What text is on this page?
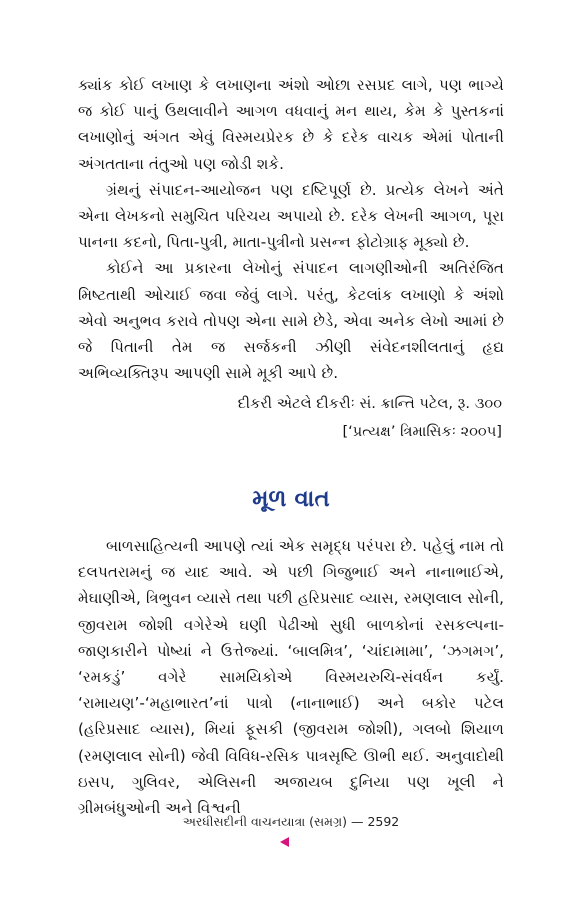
ક્યાંક કોઈ લખાણ કે લખાણના અંશો ઓછા રસપ્રદ લાગે, પણ ભાગ્યે જ કોઈ પાનું ઉથલાવીને આગળ વધવાનું મન થાય, કેમ કે પુસ્તકનાં લખાણોનું અંગત એવું વિસ્મયપ્રેરક છે કે દરેક વાચક એમાં પોતાની અંગતતાના તંતુઓ પણ જોડી શકે.

ગ્રંથનું સંપાદન-આયોજન પણ દષ્ટિપૂર્ણ છે. પ્રત્યેક લેખને અંતે એના લેખકનો સમુચિત પરિચય અપાયો છે. દરેક લેખની આગળ, પૂરા પાનના કદનો, પિતા-પુત્રી, માતા-પુત્રીનો પ્રસન્ન ફોટોગ્રાફ મૂક્યો છે.

કોઈને આ પ્રકારના લેખોનું સંપાદન લાગણીઓની અતિરંજિત મિષ્ટતાથી ઓચાઈ જવા જેવું લાગે. પરંતુ, કેટલાંક લખાણો કે અંશો એવો અનુભવ કરાવે તોપણ એના સામે છેડે, એવા અનેક લેખો આમાં છે જે પિતાની તેમ જ સર્જકની ઝીણી સંવેદનશીલતાનું હૃદ્ય અભિવ્યક્તિરૂપ આપણી સામે મૂકી આપે છે.

દીકરી એટલે દીકરીઃ સં. ક્રાન્તિ પટેલ, રૂ. ૩૦૦
[‘પ્રત્યક્ષ’ ત્રિમાસિકઃ ૨૦૦૫]
મૂળ વાત

બાળસાહિત્યની આપણે ત્યાં એક સમૃદ્ધ પરંપરા છે. પહેલું નામ તો દલપતરામનું જ યાદ આવે. એ પછી ગિજુભાઈ અને નાનાભાઈએ, મેઘાણીએ, ત્રિભુવન વ્યાસે તથા પછી હરિપ્રસાદ વ્યાસ, રમણલાલ સોની, જીવરામ જોશી વગેરેએ ઘણી પેઢીઓ સુધી બાળકોનાં રસકલ્પના-જાણકારીને પોષ્યાં ને ઉત્તેજ્યાં. ‘બાલમિત્ર’, ‘ચાંદામામા’, ‘ઝગમગ’, ‘રમકડું’ વગેરે સામયિકોએ વિસ્મયરુચિ-સંવર્ધન કર્યું. ‘રામાયણ’-‘મહાભારત’નાં પાત્રો (નાનાભાઈ) અને બકોર પટેલ (હરિપ્રસાદ વ્યાસ), મિયાં ફૂસકી (જીવરામ જોશી), ગલબો શિયાળ (રમણલાલ સોની) જેવી વિવિધ-રસિક પાત્રસૃષ્ટિ ઊભી થઈ. અનુવાદોથી ઇસપ, ગુલિવર, એલિસની અજાયબ દુનિયા પણ ખૂલી ને ગ્રીમબંધુઓની અને વિશ્વની

અરધીસદીની વાચનયાત્રા (સમગ્ર) — 2592
